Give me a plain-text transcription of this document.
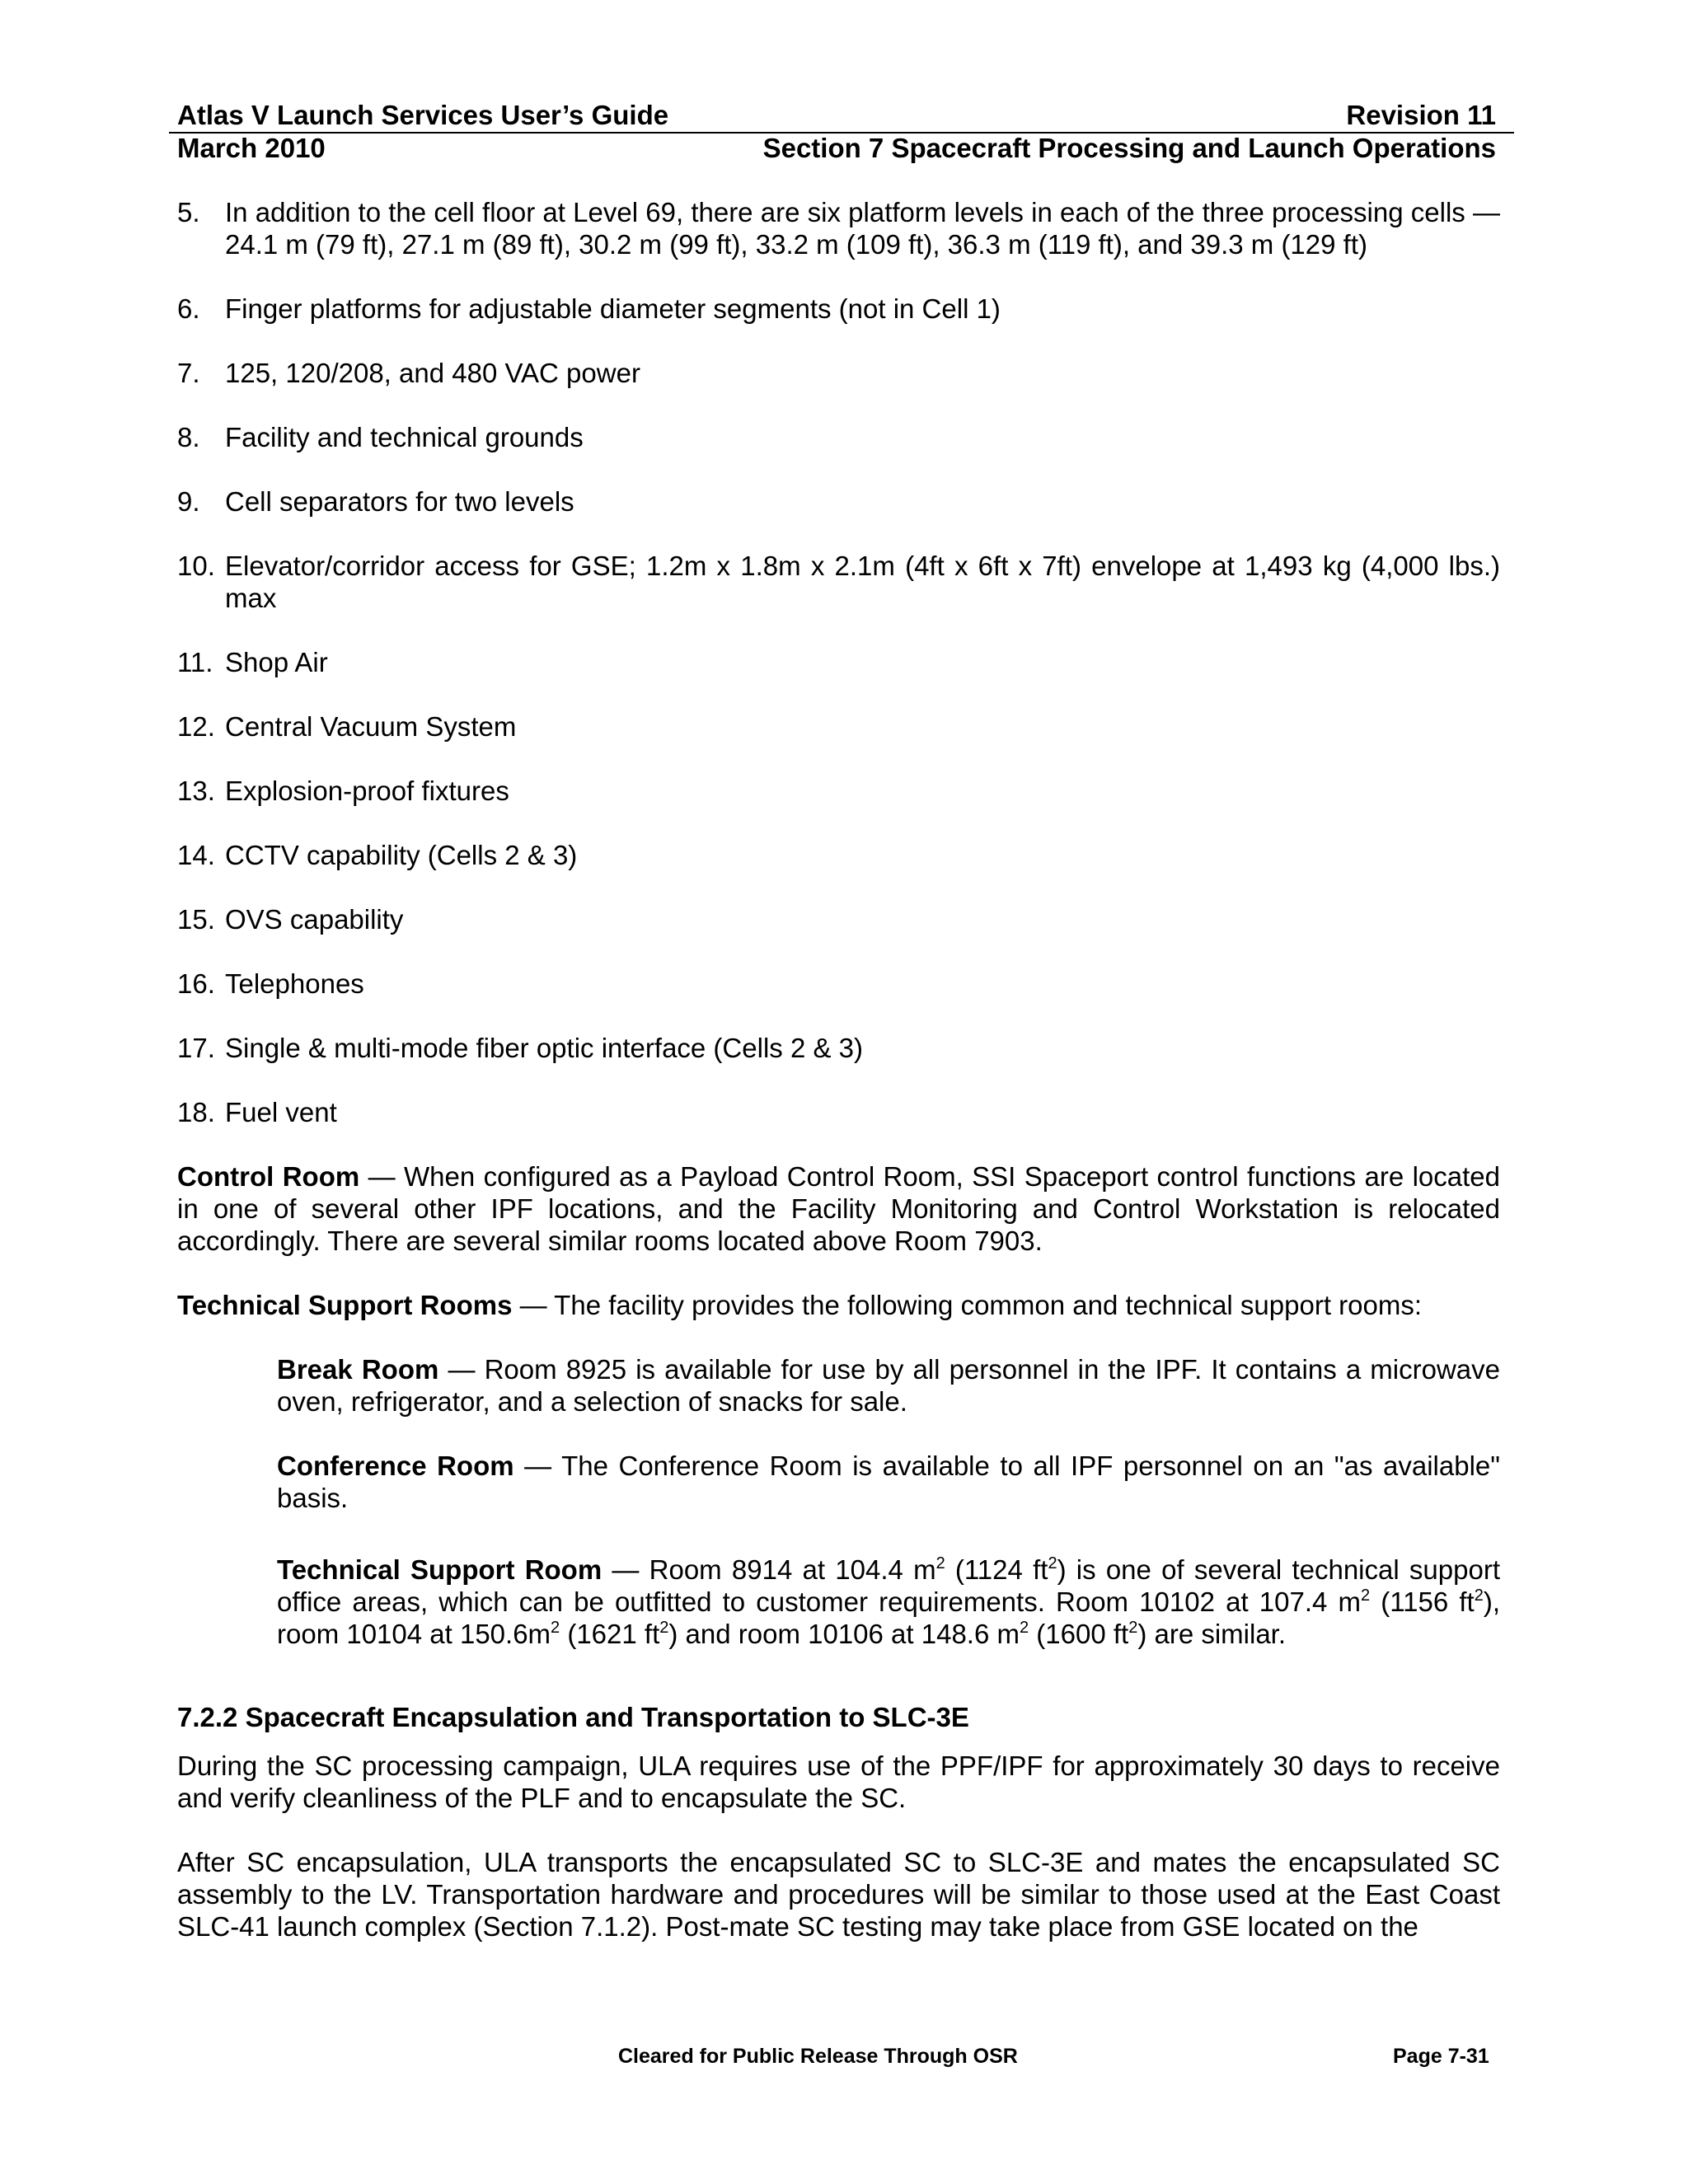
Atlas V Launch Services User’s Guide	Revision 11
March 2010	Section 7 Spacecraft Processing and Launch Operations
5. In addition to the cell floor at Level 69, there are six platform levels in each of the three processing cells — 24.1 m (79 ft), 27.1 m (89 ft), 30.2 m (99 ft), 33.2 m (109 ft), 36.3 m (119 ft), and 39.3 m (129 ft)
6. Finger platforms for adjustable diameter segments (not in Cell 1)
7. 125, 120/208, and 480 VAC power
8. Facility and technical grounds
9. Cell separators for two levels
10. Elevator/corridor access for GSE; 1.2m x 1.8m x 2.1m (4ft x 6ft x 7ft) envelope at 1,493 kg (4,000 lbs.) max
11. Shop Air
12. Central Vacuum System
13. Explosion-proof fixtures
14. CCTV capability (Cells 2 & 3)
15. OVS capability
16. Telephones
17. Single & multi-mode fiber optic interface (Cells 2 & 3)
18. Fuel vent
Control Room — When configured as a Payload Control Room, SSI Spaceport control functions are located in one of several other IPF locations, and the Facility Monitoring and Control Workstation is relocated accordingly. There are several similar rooms located above Room 7903.
Technical Support Rooms — The facility provides the following common and technical support rooms:
Break Room — Room 8925 is available for use by all personnel in the IPF. It contains a microwave oven, refrigerator, and a selection of snacks for sale.
Conference Room — The Conference Room is available to all IPF personnel on an "as available" basis.
Technical Support Room — Room 8914 at 104.4 $m^2$ (1124 $ft^2$) is one of several technical support office areas, which can be outfitted to customer requirements. Room 10102 at 107.4 $m^2$ (1156 $ft^2$), room 10104 at $150.6m^2$ (1621 $ft^2$) and room 10106 at 148.6 $m^2$ (1600 $ft^2$) are similar.
7.2.2 Spacecraft Encapsulation and Transportation to SLC-3E
During the SC processing campaign, ULA requires use of the PPF/IPF for approximately 30 days to receive and verify cleanliness of the PLF and to encapsulate the SC.
After SC encapsulation, ULA transports the encapsulated SC to SLC-3E and mates the encapsulated SC assembly to the LV. Transportation hardware and procedures will be similar to those used at the East Coast SLC-41 launch complex (Section 7.1.2). Post-mate SC testing may take place from GSE located on the
Cleared for Public Release Through OSR	Page 7-31
